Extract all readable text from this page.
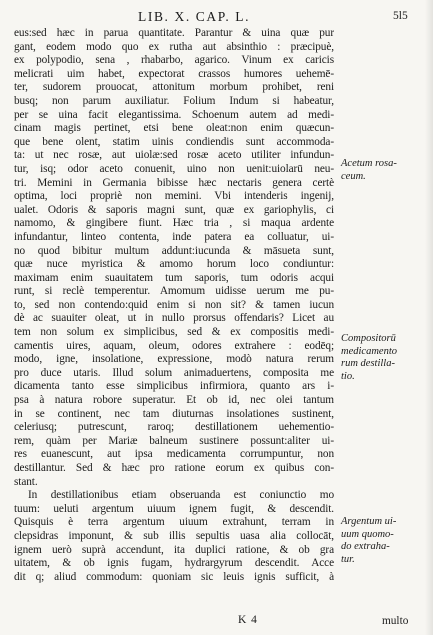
LIB. X. CAP. L.	5l5
eus:sed hæc in parua quantitate. Parantur & uina quæ pur
gant, eodem modo quo ex rutha aut absinthio : præcipuè,
ex polypodio, sena , rhabarbo, agarico. Vinum ex caricis
melicrati uim habet, expectorat crassos humores uehemē-
ter, sudorem prouocat, attonitum morbum prohibet, reni
busq; non parum auxiliatur. Folium Indum si habeatur,
per se uina facit elegantissima. Schoenum autem ad medi-
cinam magis pertinet, etsi bene oleat:non enim quæcun-
que bene olent, statim uinis condiendis sunt accommoda-
ta: ut nec rosæ, aut uiolæ:sed rosæ aceto utiliter infundun-
tur, isq; odor aceto conuenit, uino non uenit:uiolarū neu-
tri. Memini in Germania bibisse hæc nectaris genera certè
optima, loci propriè non memini. Vbi intenderis ingenij,
ualet. Odoris & saporis magni sunt, quæ ex gariophylis, ci
namomo, & gingibere fiunt. Hæc tria , si maqua ardente
infundantur, linteo contenta, inde patera ea colluatur, ui-
no quod bibitur multum addunt:iucunda & māsueta sunt,
quæ nuce myristica & amomo horum loco condiuntur:
maximam enim suauitatem tum saporis, tum odoris acqui
runt, si reclè temperentur. Amomum uidisse uerum me pu-
to, sed non contendo:quid enim si non sit? & tamen iucun
dè ac suauiter oleat, ut in nullo prorsus offendaris? Licet au
tem non solum ex simplicibus, sed & ex compositis medi-
camentis uires, aquam, oleum, odores extrahere : eodēq;
modo, igne, insolatione, expressione, modò natura rerum
pro duce utaris. Illud solum animaduertens, composita me
dicamenta tanto esse simplicibus infirmiora, quanto ars i-
psa à natura robore superatur. Et ob id, nec olei tantum
in se continent, nec tam diuturnas insolationes sustinent,
celeriusq; putrescunt, raroq; destillationem uehementio-
rem, quàm per Mariæ balneum sustinere possunt:aliter ui-
res euanescunt, aut ipsa medicamenta corrumpuntur, non
destillantur. Sed & hæc pro ratione eorum ex quibus con-
stant.
In destillationibus etiam obseruanda est coniunctio mo
tuum: ueluti argentum uiuum ignem fugit, & descendit.
Quisquis è terra argentum uiuum extrahunt, terram in
clepsidras imponunt, & sub illis sepultis uasa alia collocāt,
ignem uerò suprà accendunt, ita duplici ratione, & ob gra
uitatem, & ob ignis fugam, hydrargyrum descendit. Acce
dit q; aliud commodum: quoniam sic leuis ignis sufficit, à
Acetum rosa-
ceum.
Compositorū
medicamento
rum destilla-
tio.
Argentum ui-
uum quomo-
do extraha-
tur.
K 4	multo
